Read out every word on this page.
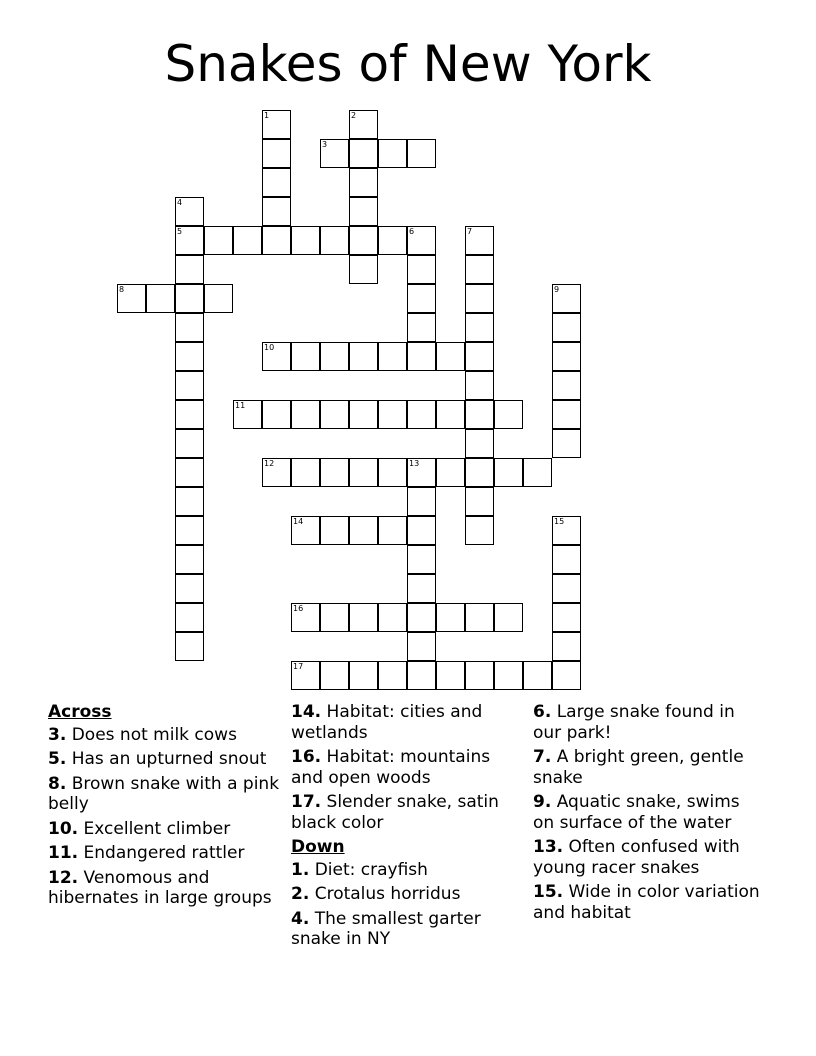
Snakes of New York
3
5
8
10
11
12	13
14
16
17
1	2
4
6	7
9
15
Across
3. Does not milk cows
5. Has an upturned snout
8. Brown snake with a pink belly
10. Excellent climber
11. Endangered rattler
12. Venomous and hibernates in large groups
14. Habitat: cities and wetlands
16. Habitat: mountains and open woods
17. Slender snake, satin black color
Down
1. Diet: crayfish
2. Crotalus horridus
4. The smallest garter snake in NY
6. Large snake found in our park!
7. A bright green, gentle snake
9. Aquatic snake, swims on surface of the water
13. Often confused with young racer snakes
15. Wide in color variation and habitat
